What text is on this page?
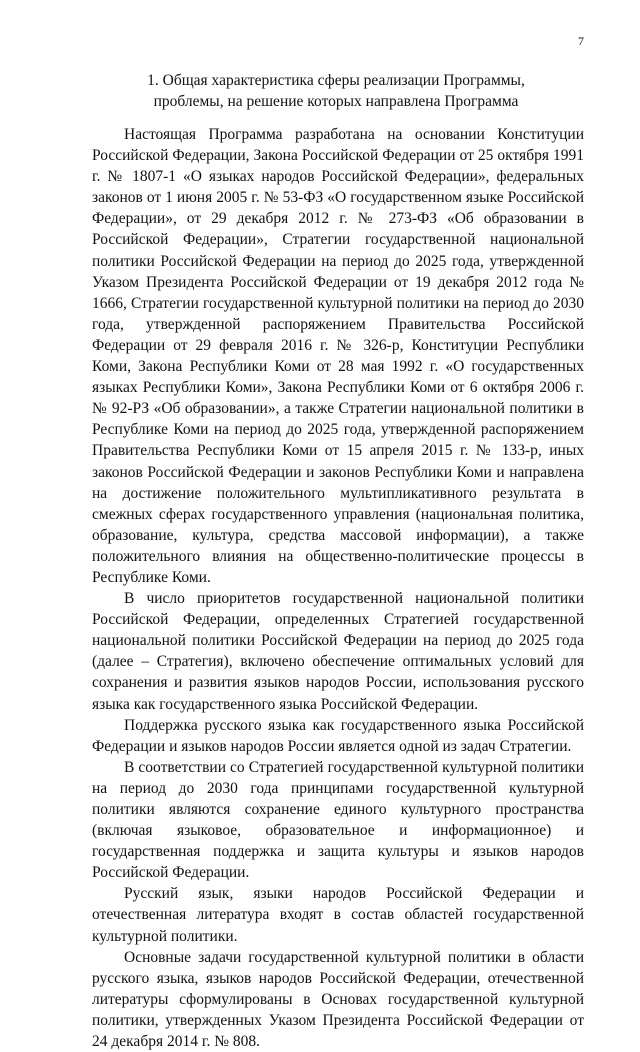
7
1. Общая характеристика сферы реализации Программы,
проблемы, на решение которых направлена Программа

Настоящая Программа разработана на основании Конституции Российской Федерации, Закона Российской Федерации от 25 октября 1991 г. № 1807-1 «О языках народов Российской Федерации», федеральных законов от 1 июня 2005 г. № 53-ФЗ «О государственном языке Российской Федерации», от 29 декабря 2012 г. № 273-ФЗ «Об образовании в Российской Федерации», Стратегии государственной национальной политики Российской Федерации на период до 2025 года, утвержденной Указом Президента Российской Федерации от 19 декабря 2012 года № 1666, Стратегии государственной культурной политики на период до 2030 года, утвержденной распоряжением Правительства Российской Федерации от 29 февраля 2016 г. № 326-р, Конституции Республики Коми, Закона Республики Коми от 28 мая 1992 г. «О государственных языках Республики Коми», Закона Республики Коми от 6 октября 2006 г. № 92-РЗ «Об образовании», а также Стратегии национальной политики в Республике Коми на период до 2025 года, утвержденной распоряжением Правительства Республики Коми от 15 апреля 2015 г. № 133-р, иных законов Российской Федерации и законов Республики Коми и направлена на достижение положительного мультипликативного результата в смежных сферах государственного управления (национальная политика, образование, культура, средства массовой информации), а также положительного влияния на общественно-политические процессы в Республике Коми.

В число приоритетов государственной национальной политики Российской Федерации, определенных Стратегией государственной национальной политики Российской Федерации на период до 2025 года (далее – Стратегия), включено обеспечение оптимальных условий для сохранения и развития языков народов России, использования русского языка как государственного языка Российской Федерации.

Поддержка русского языка как государственного языка Российской Федерации и языков народов России является одной из задач Стратегии.

В соответствии со Стратегией государственной культурной политики на период до 2030 года принципами государственной культурной политики являются сохранение единого культурного пространства (включая языковое, образовательное и информационное) и государственная поддержка и защита культуры и языков народов Российской Федерации.

Русский язык, языки народов Российской Федерации и отечественная литература входят в состав областей государственной культурной политики.

Основные задачи государственной культурной политики в области русского языка, языков народов Российской Федерации, отечественной литературы сформулированы в Основах государственной культурной политики, утвержденных Указом Президента Российской Федерации от 24 декабря 2014 г. № 808.
